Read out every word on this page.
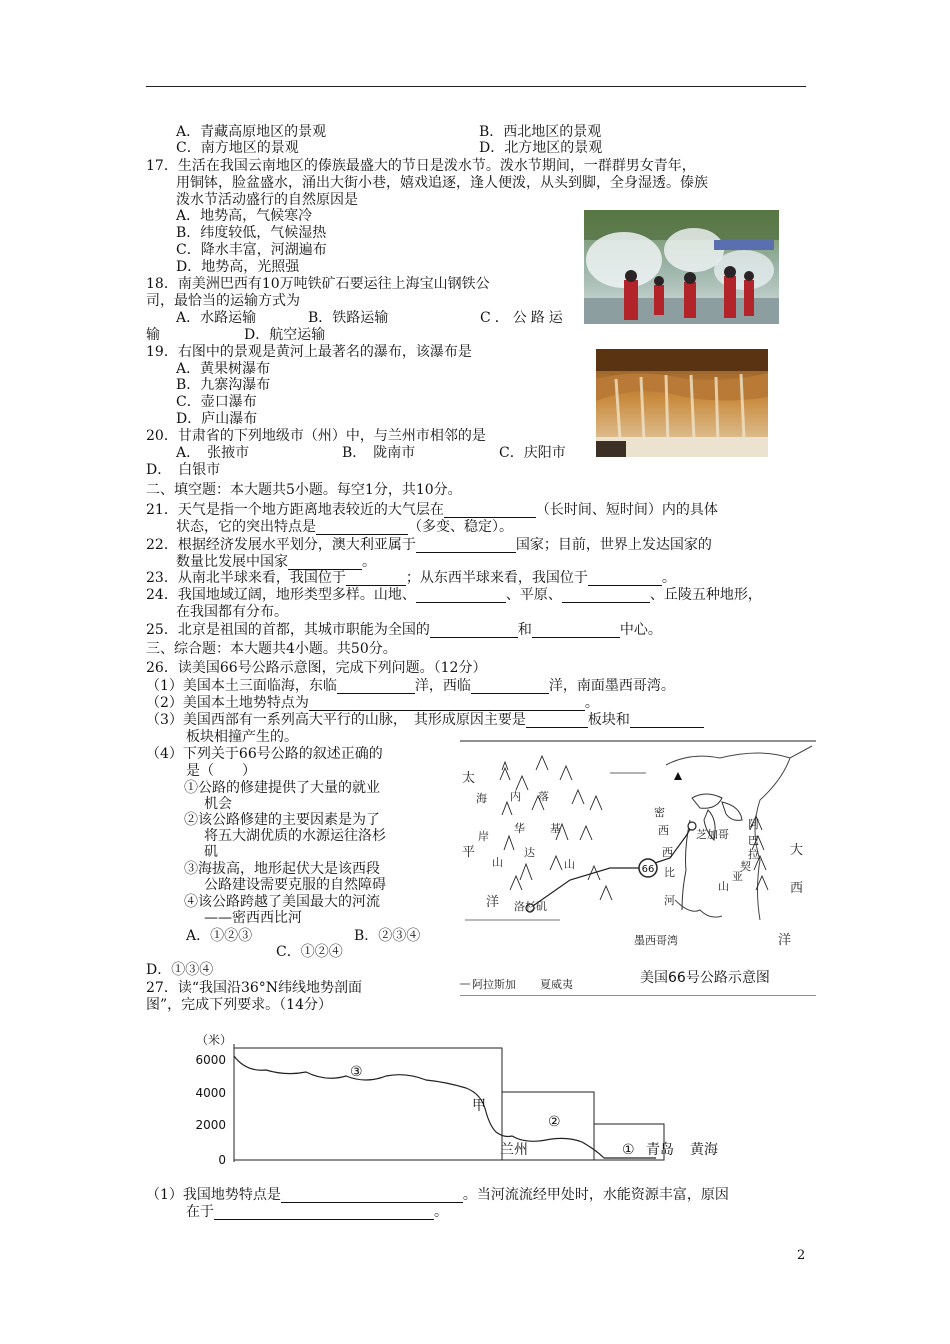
A．青藏高原地区的景观	B．西北地区的景观
C．南方地区的景观	D．北方地区的景观
17．生活在我国云南地区的傣族最盛大的节日是泼水节。泼水节期间，一群群男女青年，
用铜钵，脸盆盛水，涌出大街小巷，嬉戏追逐，逢人便泼，从头到脚，全身湿透。傣族
泼水节活动盛行的自然原因是
A．地势高，气候寒冷
B．纬度较低，气候湿热
C．降水丰富，河湖遍布
D．地势高，光照强
18．南美洲巴西有10万吨铁矿石要运往上海宝山钢铁公
司，最恰当的运输方式为
A．水路运输	B．铁路运输	C．公路运
输	D．航空运输
19．右图中的景观是黄河上最著名的瀑布，该瀑布是
A．黄果树瀑布
B．九寨沟瀑布
C．壶口瀑布
D．庐山瀑布
20．甘肃省的下列地级市（州）中，与兰州市相邻的是
A．　张掖市	B．　陇南市	C．庆阳市
D．　白银市
二、填空题：本大题共5小题。每空1分，共10分。
21．天气是指一个地方距离地表较近的大气层在	（长时间、短时间）内的具体
状态，它的突出特点是	（多变、稳定）。
22．根据经济发展水平划分，澳大利亚属于	国家；目前，世界上发达国家的
数量比发展中国家	。
23．从南北半球来看，我国位于	；从东西半球来看，我国位于	。
24．我国地域辽阔，地形类型多样。山地、	、平原、	、丘陵五种地形，
在我国都有分布。
25．北京是祖国的首都，其城市职能为全国的	和	中心。
三、综合题：本大题共4小题。共50分。
26．读美国66号公路示意图，完成下列问题。（12分）
（1）美国本土三面临海，东临	洋，西临	洋，南面墨西哥湾。
（2）美国本土地势特点为	。
（3）美国西部有一系列高大平行的山脉，　其形成原因主要是	板块和
板块相撞产生的。
（4）下列关于66号公路的叙述正确的
是（　　）
①公路的修建提供了大量的就业
机会
②该公路修建的主要因素是为了
将五大湖优质的水源运往洛杉
矶
③海拔高，地形起伏大是该西段
公路建设需要克服的自然障碍
④该公路跨越了美国最大的河流
——密西西比河
A．①②③	B．②③④
C．①②④
D．①③④
66
太
平
洋
大
西
洋
海
岸
山
内
华
达
落
基
山
密
西
西
比
河
阿
巴
拉
契
亚
山
芝加哥
洛杉矶
墨西哥湾
阿拉斯加 夏威夷	美国66号公路示意图
27．读“我国沿36°N纬线地势剖面
图”，完成下列要求。（14分）
（米）
6000
4000
2000
0
③
②
①
甲
兰州	青岛 黄海
（1）我国地势特点是	。当河流流经甲处时，水能资源丰富，原因
在于	。
2
